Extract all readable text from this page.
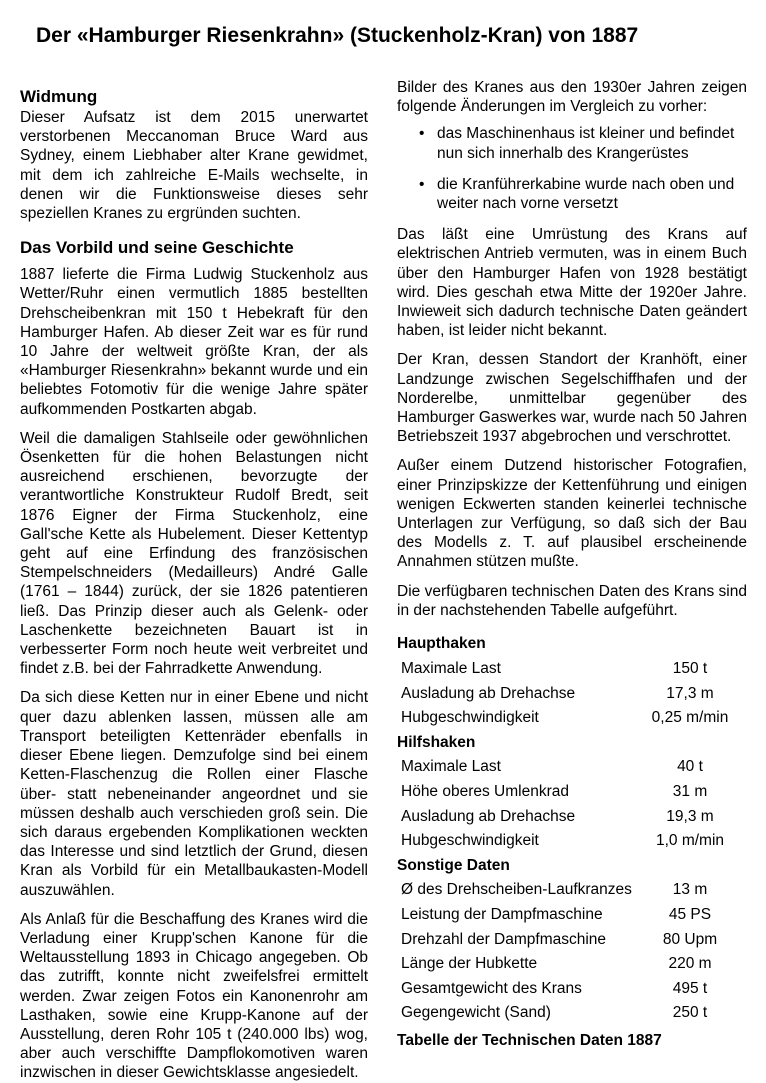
Der «Hamburger Riesenkrahn» (Stuckenholz-Kran) von 1887
Widmung

Dieser Aufsatz ist dem 2015 unerwartet verstorbenen Meccanoman Bruce Ward aus Sydney, einem Liebhaber alter Krane gewidmet, mit dem ich zahlreiche E-Mails wechselte, in denen wir die Funktionsweise dieses sehr speziellen Kranes zu ergründen suchten.

Das Vorbild und seine Geschichte

1887 lieferte die Firma Ludwig Stuckenholz aus Wetter/Ruhr einen vermutlich 1885 bestellten Drehscheibenkran mit 150 t Hebekraft für den Hamburger Hafen. Ab dieser Zeit war es für rund 10 Jahre der weltweit größte Kran, der als «Hamburger Riesenkrahn» bekannt wurde und ein beliebtes Fotomotiv für die wenige Jahre später aufkommenden Postkarten abgab.

Weil die damaligen Stahlseile oder gewöhnlichen Ösenketten für die hohen Belastungen nicht ausreichend erschienen, bevorzugte der verantwortliche Konstrukteur Rudolf Bredt, seit 1876 Eigner der Firma Stuckenholz, eine Gall'sche Kette als Hubelement. Dieser Kettentyp geht auf eine Erfindung des französischen Stempelschneiders (Medailleurs) André Galle (1761 – 1844) zurück, der sie 1826 patentieren ließ. Das Prinzip dieser auch als Gelenk- oder Laschenkette bezeichneten Bauart ist in verbesserter Form noch heute weit verbreitet und findet z.B. bei der Fahrradkette Anwendung.

Da sich diese Ketten nur in einer Ebene und nicht quer dazu ablenken lassen, müssen alle am Transport beteiligten Kettenräder ebenfalls in dieser Ebene liegen. Demzufolge sind bei einem Ketten-Flaschenzug die Rollen einer Flasche über- statt nebeneinander angeordnet und sie müssen deshalb auch verschieden groß sein. Die sich daraus ergebenden Komplikationen weckten das Interesse und sind letztlich der Grund, diesen Kran als Vorbild für ein Metallbaukasten-Modell auszuwählen.

Als Anlaß für die Beschaffung des Kranes wird die Verladung einer Krupp'schen Kanone für die Weltausstellung 1893 in Chicago angegeben. Ob das zutrifft, konnte nicht zweifelsfrei ermittelt werden. Zwar zeigen Fotos ein Kanonenrohr am Lasthaken, sowie eine Krupp-Kanone auf der Ausstellung, deren Rohr 105 t (240.000 lbs) wog, aber auch verschiffte Dampflokomotiven waren inzwischen in dieser Gewichtsklasse angesiedelt.

Bilder des Kranes aus den 1930er Jahren zeigen folgende Änderungen im Vergleich zu vorher:

• das Maschinenhaus ist kleiner und befindet nun sich innerhalb des Krangerüstes
• die Kranführerkabine wurde nach oben und weiter nach vorne versetzt

Das läßt eine Umrüstung des Krans auf elektrischen Antrieb vermuten, was in einem Buch über den Hamburger Hafen von 1928 bestätigt wird. Dies geschah etwa Mitte der 1920er Jahre. Inwieweit sich dadurch technische Daten geändert haben, ist leider nicht bekannt.

Der Kran, dessen Standort der Kranhöft, einer Landzunge zwischen Segelschiffhafen und der Norderelbe, unmittelbar gegenüber des Hamburger Gaswerkes war, wurde nach 50 Jahren Betriebszeit 1937 abgebrochen und verschrottet.

Außer einem Dutzend historischer Fotografien, einer Prinzipskizze der Kettenführung und einigen wenigen Eckwerten standen keinerlei technische Unterlagen zur Verfügung, so daß sich der Bau des Modells z. T. auf plausibel erscheinende Annahmen stützen mußte.

Die verfügbaren technischen Daten des Krans sind in der nachstehenden Tabelle aufgeführt.

Haupthaken	
Maximale Last	150 t
Ausladung ab Drehachse	17,3 m
Hubgeschwindigkeit	0,25 m/min
Hilfshaken	
Maximale Last	40 t
Höhe oberes Umlenkrad	31 m
Ausladung ab Drehachse	19,3 m
Hubgeschwindigkeit	1,0 m/min
Sonstige Daten	
Ø des Drehscheiben-Laufkranzes	13 m
Leistung der Dampfmaschine	45 PS
Drehzahl der Dampfmaschine	80 Upm
Länge der Hubkette	220 m
Gesamtgewicht des Krans	495 t
Gegengewicht (Sand)	250 t
Tabelle der Technischen Daten 1887
